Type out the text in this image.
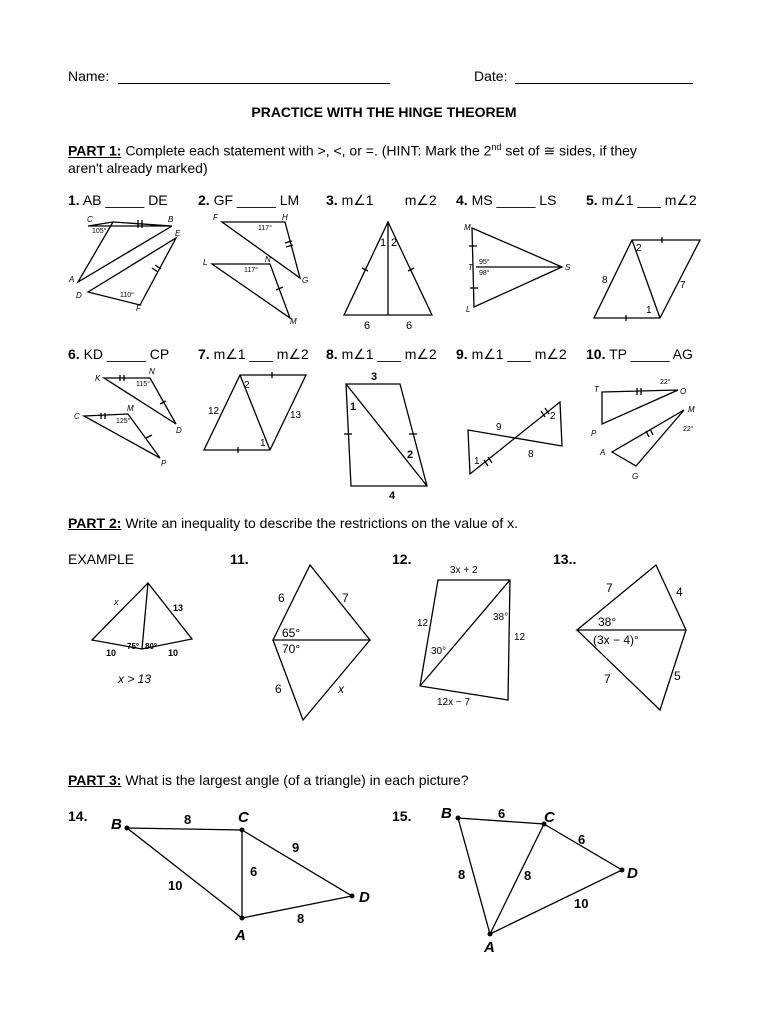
Name:	Date:
PRACTICE WITH THE HINGE THEOREM
PART 1: Complete each statement with >, <, or =. (HINT: Mark the 2nd set of ≅ sides, if they
aren't already marked)
1. AB _____ DE 2. GF _____ LM 3. m∠1        m∠2 4. MS _____ LS 5. m∠1 ___ m∠2
6. KD _____ CP 7. m∠1 ___ m∠2 8. m∠1 ___ m∠2 9. m∠1 ___ m∠2 10. TP _____ AG
C	B
E
A
D
F
105°
110°
F	H
L	N
G
M
117°
117°
1 2
6	6
M
T
L
S
95°
98°
2
1
8	7
K
N
C
M
D
P
115°
125°
2
1
12	13
3
1
2
4
9
2
1
8
T	O
P
M
A
G
22°
22°
PART 2: Write an inequality to describe the restrictions on the value of x.
EXAMPLE	11.	12.	13..
x
13
10	10
75° 80°
x > 13
6	7
65°
70°
6	x
3x + 2
12
12
38°
30°
12x − 7
7	4
38°
(3x − 4)°
7	5
PART 3: What is the largest angle (of a triangle) in each picture?
14.	15.
B	C
A
D
8
9
6
10
8
B	C
A
D
6
6
8	8
10
